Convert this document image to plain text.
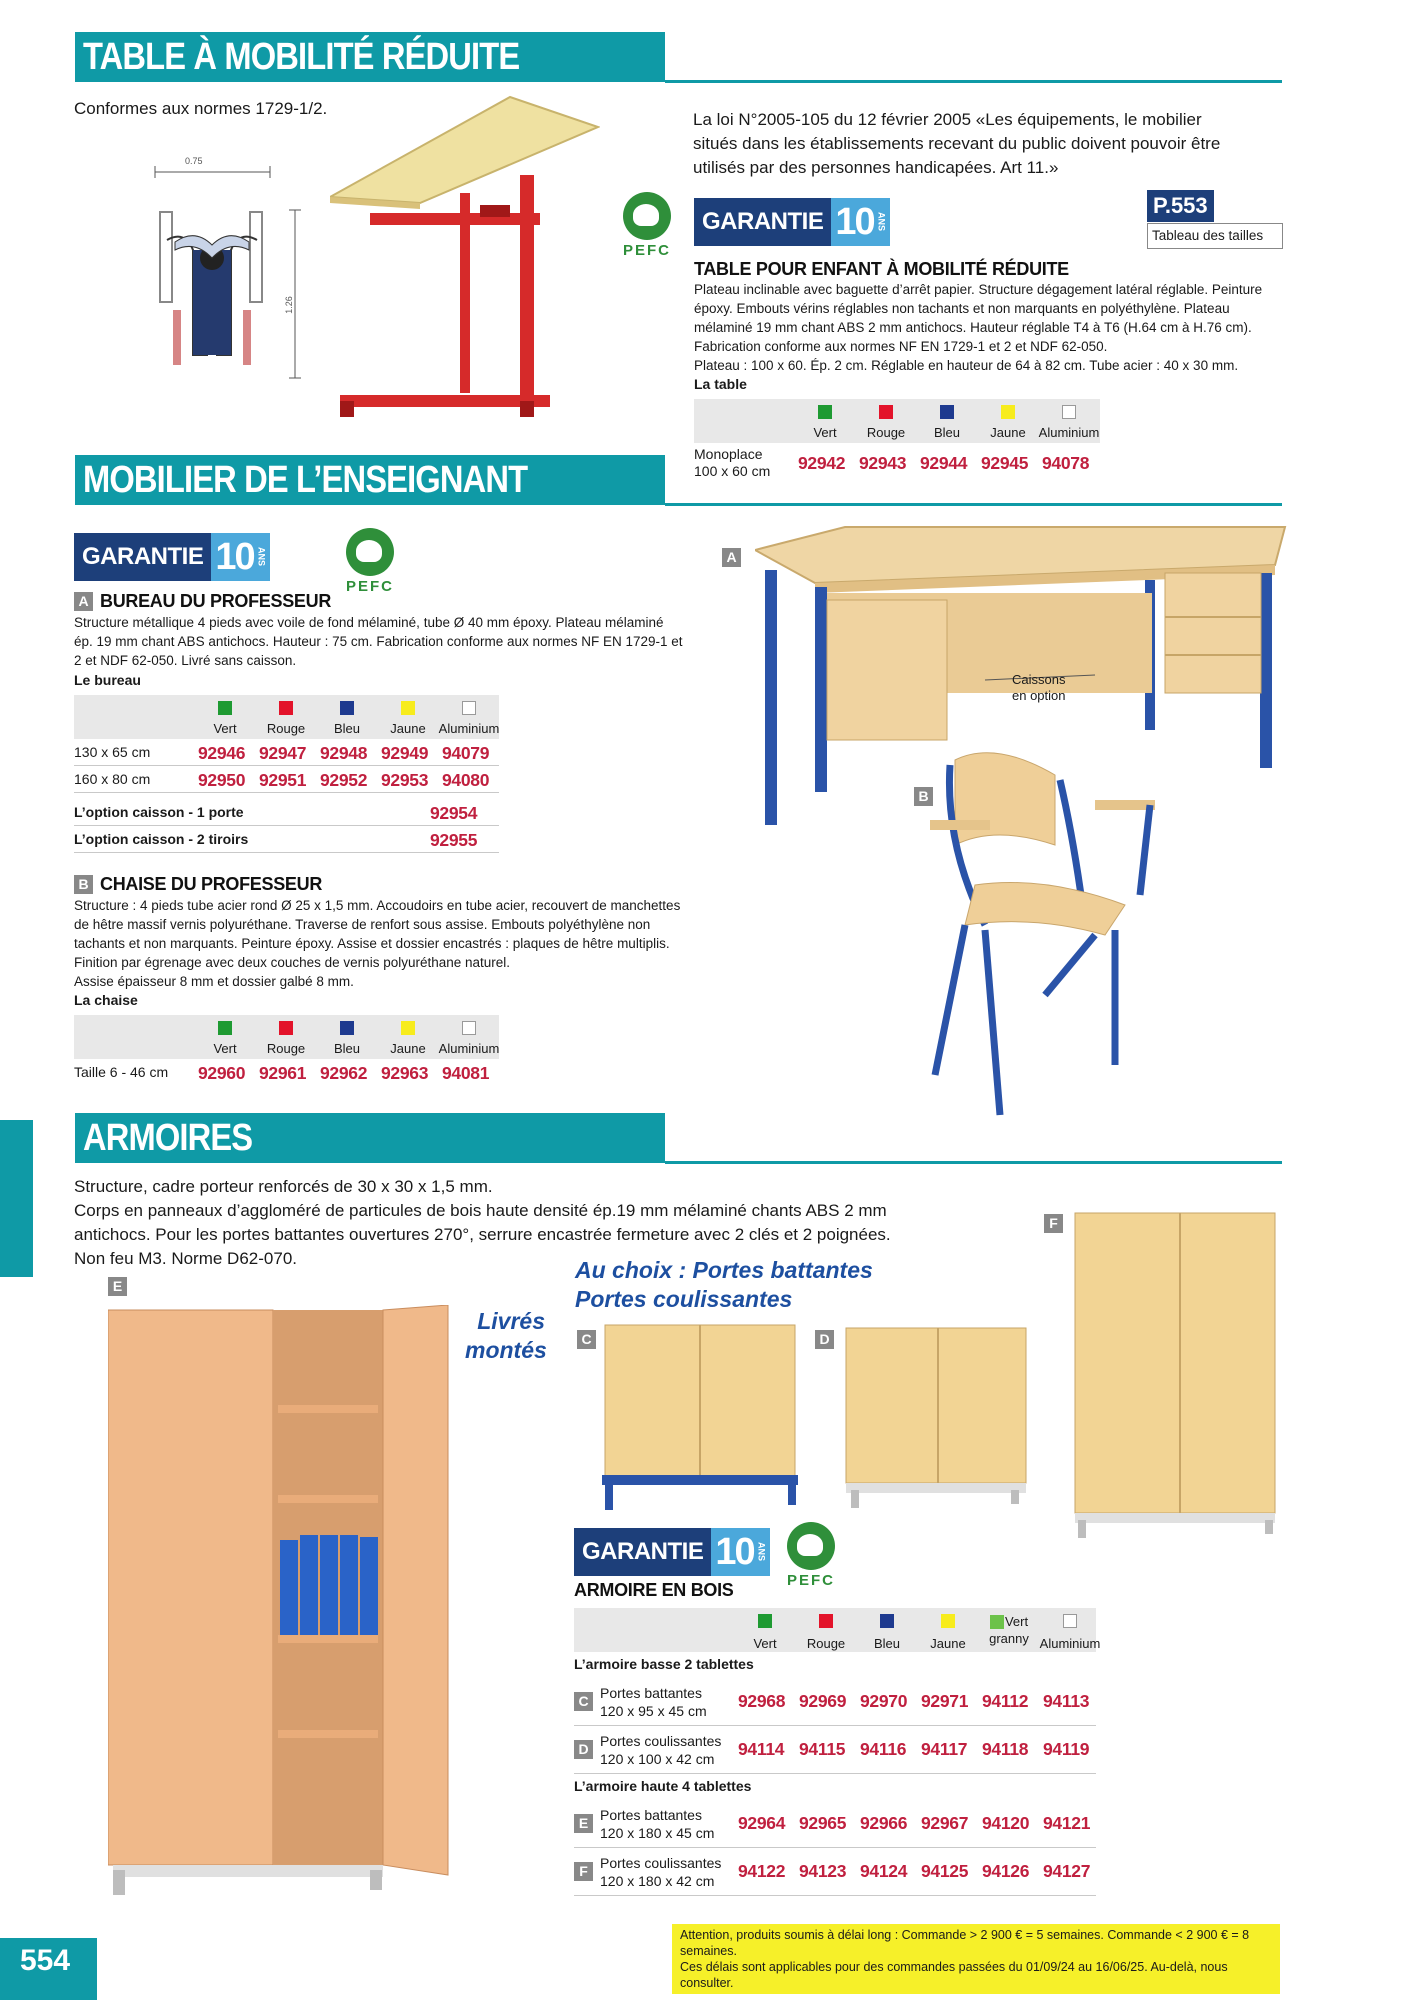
TABLE À MOBILITÉ RÉDUITE
Conformes aux normes 1729-1/2.
0.75
1.26
PEFC
La loi N°2005-105 du 12 février 2005 «Les équipements, le mobilier
situés dans les établissements recevant du public doivent pouvoir être
utilisés par des personnes handicapées. Art 11.»
GARANTIE 10 ANS
P.553
Tableau des tailles
TABLE POUR ENFANT À MOBILITÉ RÉDUITE
Plateau inclinable avec baguette d’arrêt papier. Structure dégagement latéral réglable. Peinture
époxy. Embouts vérins réglables non tachants et non marquants en polyéthylène. Plateau
mélaminé 19 mm chant ABS 2 mm antichocs. Hauteur réglable T4 à T6 (H.64 cm à H.76 cm).
Fabrication conforme aux normes NF EN 1729-1 et 2 et NDF 62-050.
Plateau : 100 x 60. Ép. 2 cm. Réglable en hauteur de 64 à 82 cm. Tube acier : 40 x 30 mm.
La table
Vert	Rouge	Bleu	Jaune Aluminium
Monoplace
100 x 60 cm 92942 92943 92944 92945 94078
MOBILIER DE L’ENSEIGNANT
GARANTIE 10 ANS
PEFC
A BUREAU DU PROFESSEUR
Structure métallique 4 pieds avec voile de fond mélaminé, tube Ø 40 mm époxy. Plateau mélaminé
ép. 19 mm chant ABS antichocs. Hauteur : 75 cm. Fabrication conforme aux normes NF EN 1729-1 et
2 et NDF 62-050. Livré sans caisson.
Le bureau
Vert	Rouge	Bleu	Jaune Aluminium
130 x 65 cm	92946 92947 92948 92949 94079
160 x 80 cm	92950 92951 92952 92953 94080
L’option caisson - 1 porte	92954
L’option caisson - 2 tiroirs	92955
B CHAISE DU PROFESSEUR
Structure : 4 pieds tube acier rond Ø 25 x 1,5 mm. Accoudoirs en tube acier, recouvert de manchettes
de hêtre massif vernis polyuréthane. Traverse de renfort sous assise. Embouts polyéthylène non
tachants et non marquants. Peinture époxy. Assise et dossier encastrés : plaques de hêtre multiplis.
Finition par égrenage avec deux couches de vernis polyuréthane naturel.
Assise épaisseur 8 mm et dossier galbé 8 mm.
La chaise
Vert	Rouge	Bleu	Jaune Aluminium
Taille 6 - 46 cm 92960 92961 92962 92963 94081
A
Caissons
en option
B
ARMOIRES
Structure, cadre porteur renforcés de 30 x 30 x 1,5 mm.
Corps en panneaux d’aggloméré de particules de bois haute densité ép.19 mm mélaminé chants ABS 2 mm
antichocs. Pour les portes battantes ouvertures 270°, serrure encastrée fermeture avec 2 clés et 2 poignées.
Non feu M3. Norme D62-070.	Au choix : Portes battantes
Portes coulissantes
Livrés
montés
E
C	D
F
GARANTIE 10 ANS
PEFC
ARMOIRE EN BOIS
Vert	Rouge	Bleu	Jaune
Vert
granny Aluminium
L’armoire basse 2 tablettes
C Portes battantes
120 x 95 x 45 cm 92968 92969 92970 92971 94112 94113
D Portes coulissantes
120 x 100 x 42 cm	94114 94115 94116 94117 94118 94119
L’armoire haute 4 tablettes
E Portes battantes
120 x 180 x 45 cm 92964 92965 92966 92967 94120 94121
F Portes coulissantes
120 x 180 x 42 cm	94122 94123 94124 94125 94126 94127
Attention, produits soumis à délai long : Commande > 2 900 € = 5 semaines. Commande < 2 900 € = 8 semaines.
Ces délais sont applicables pour des commandes passées du 01/09/24 au 16/06/25. Au-delà, nous consulter.
554
